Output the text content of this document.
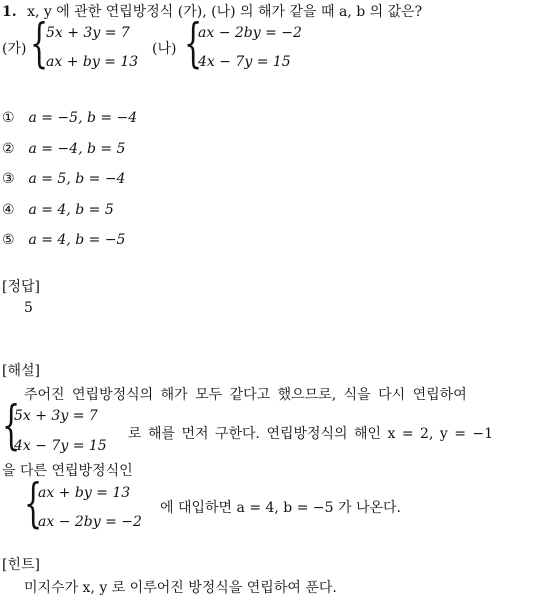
1. x, y 에 관한 연립방정식 (가), (나) 의 해가 같을 때 a, b 의 값은?
(가) {
5x + 3y = 7
ax + by = 13
(나) {
ax − 2by = −2
4x − 7y = 15
① a = −5, b = −4
② a = −4, b = 5
③ a = 5, b = −4
④ a = 4, b = 5
⑤ a = 4, b = −5
[정답]
5
[해설]
주어진 연립방정식의 해가 모두 같다고 했으므로, 식을 다시 연립하여
{
5x + 3y = 7
4x − 7y = 15
로 해를 먼저 구한다. 연립방정식의 해인 x = 2, y = −1
을 다른 연립방정식인
{
ax + by = 13
ax − 2by = −2
에 대입하면 a = 4, b = −5 가 나온다.
[힌트]
미지수가 x, y 로 이루어진 방정식을 연립하여 푼다.
